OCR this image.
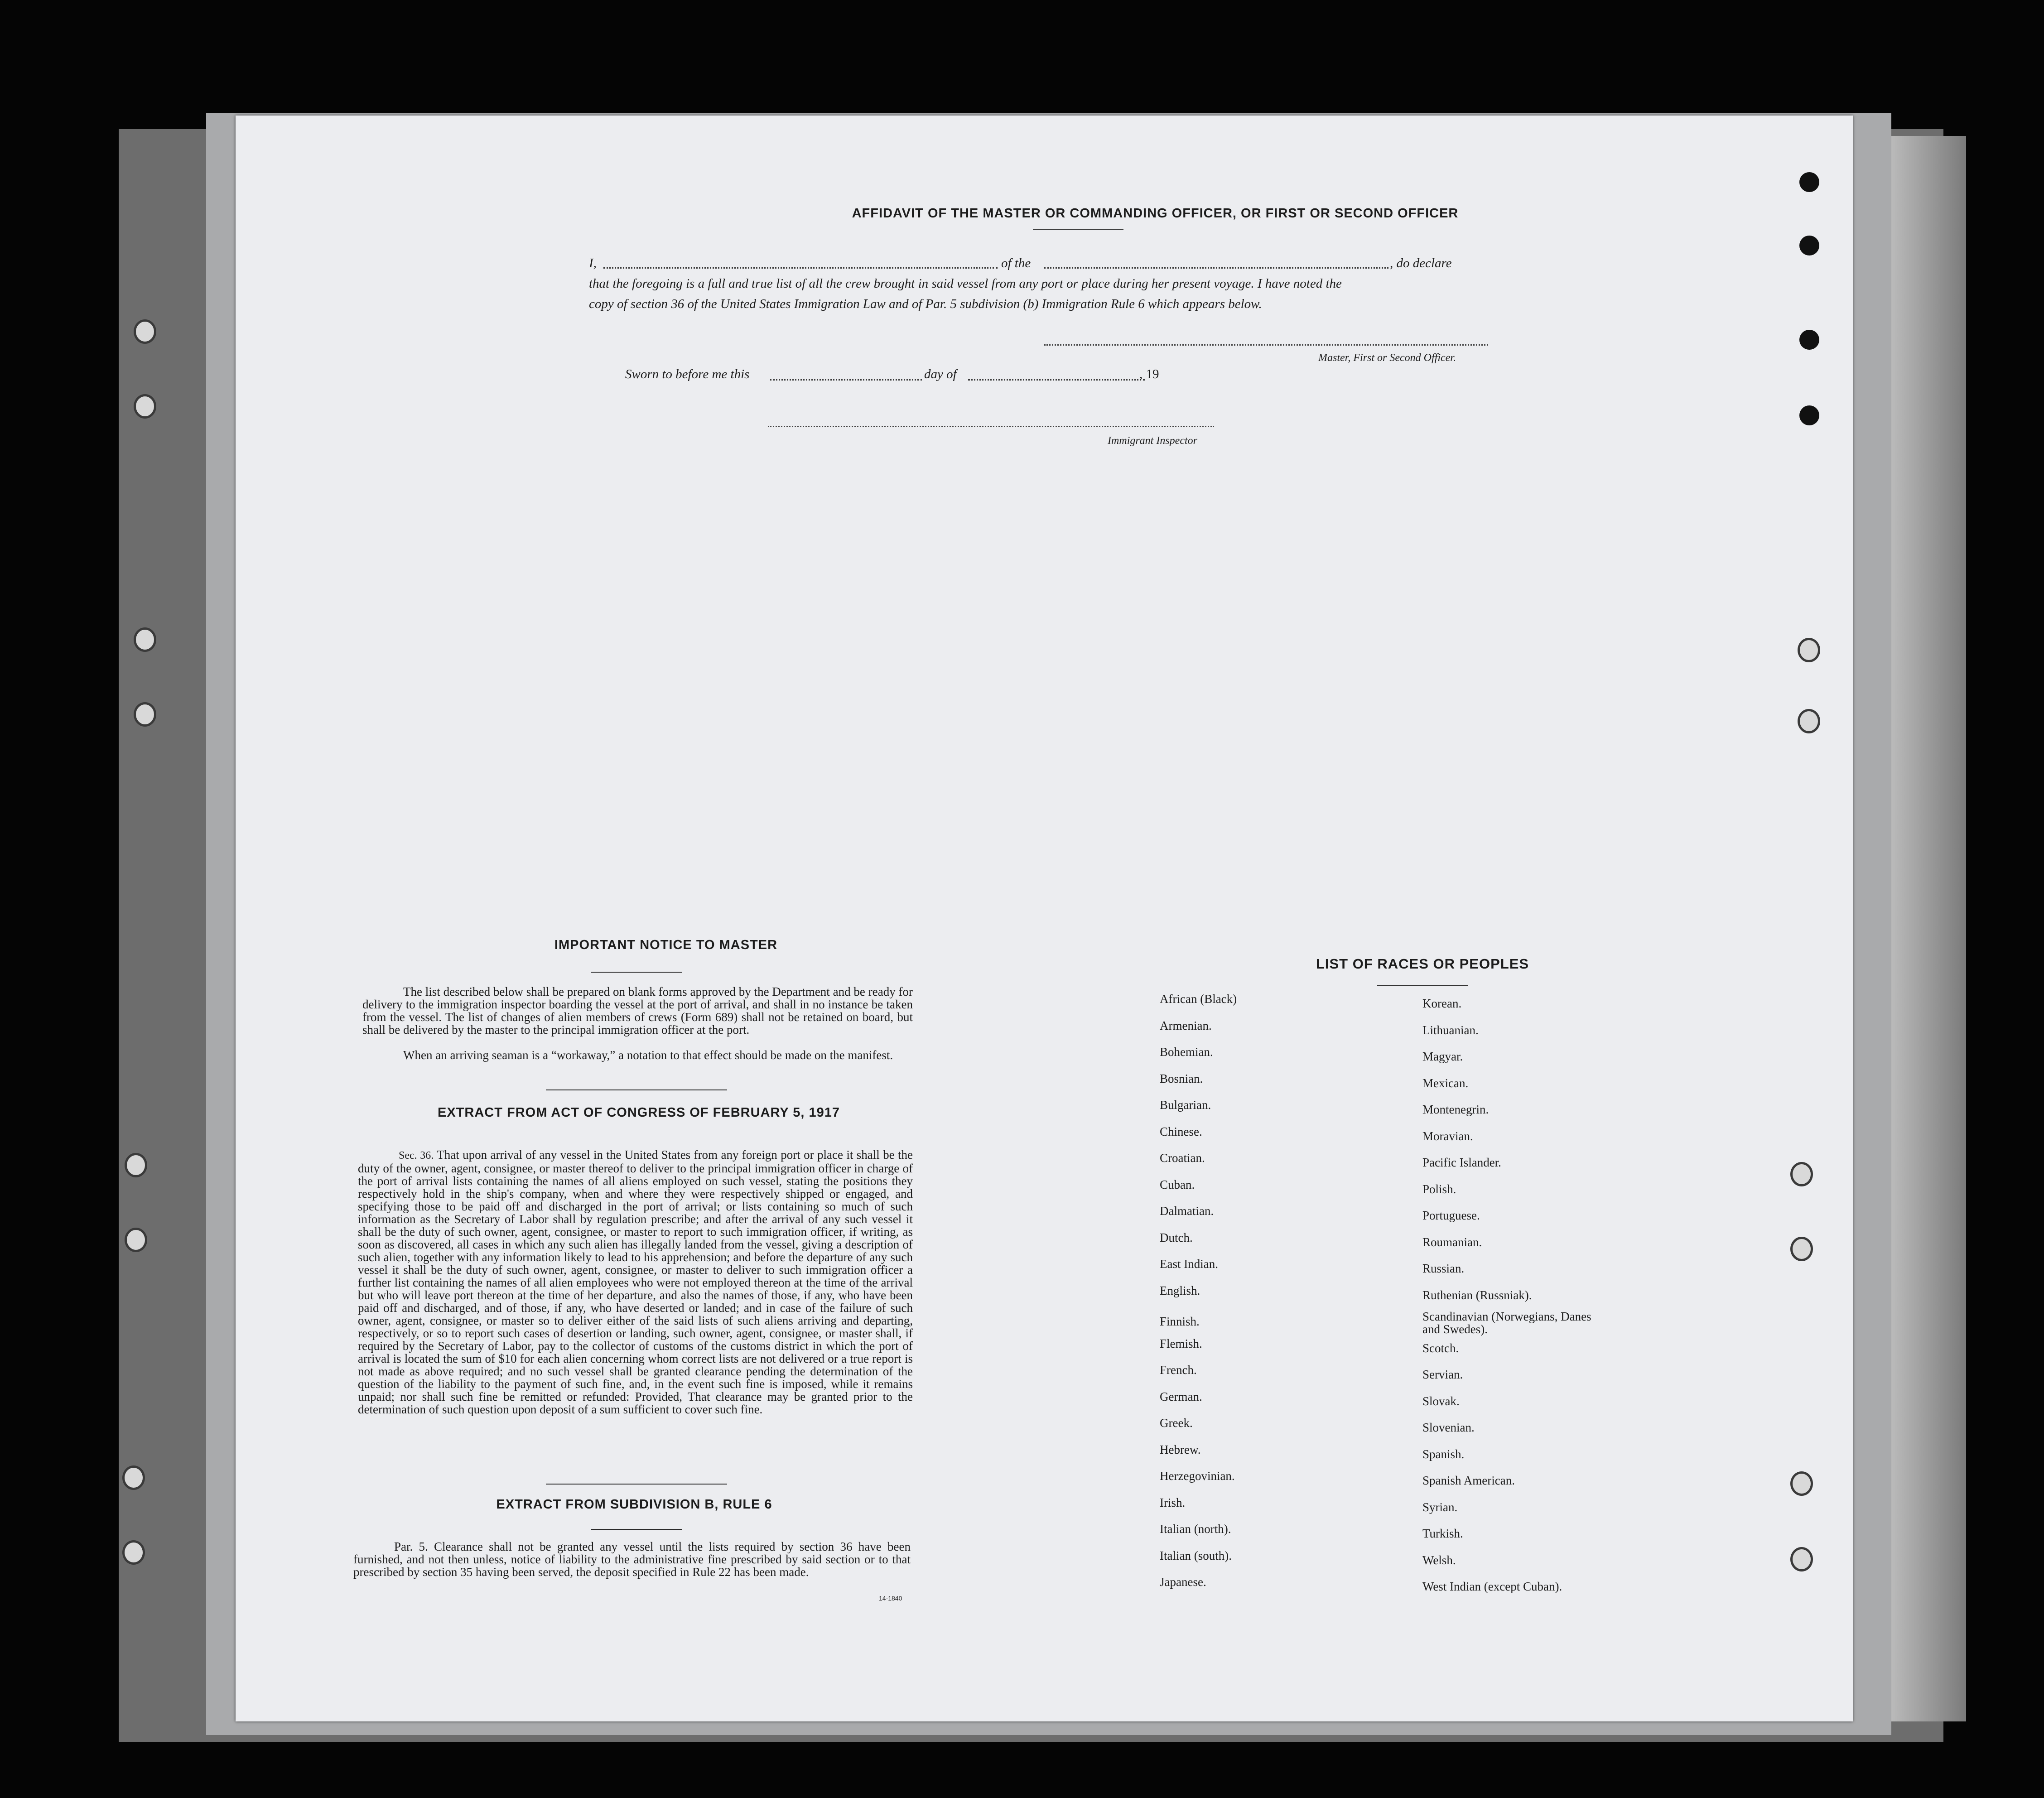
AFFIDAVIT OF THE MASTER OR COMMANDING OFFICER, OR FIRST OR SECOND OFFICER
I,	of the	, do declare
that the foregoing is a full and true list of all the crew brought in said vessel from any port or place during her present voyage. I have noted the
copy of section 36 of the United States Immigration Law and of Par. 5 subdivision (b) Immigration Rule 6 which appears below.
Master, First or Second Officer.
Sworn to before me this	day of	, 19
Immigrant Inspector
IMPORTANT NOTICE TO MASTER
The list described below shall be prepared on blank forms approved by the Department and be ready for delivery to the immigration inspector boarding the vessel at the port of arrival, and shall in no instance be taken from the vessel. The list of changes of alien members of crews (Form 689) shall not be retained on board, but shall be delivered by the master to the principal immigration officer at the port.
When an arriving seaman is a “workaway,” a notation to that effect should be made on the manifest.
EXTRACT FROM ACT OF CONGRESS OF FEBRUARY 5, 1917
Sec. 36. That upon arrival of any vessel in the United States from any foreign port or place it shall be the duty of the owner, agent, consignee, or master thereof to deliver to the principal immigration officer in charge of the port of arrival lists containing the names of all aliens employed on such vessel, stating the positions they respectively hold in the ship's company, when and where they were respectively shipped or engaged, and specifying those to be paid off and discharged in the port of arrival; or lists containing so much of such information as the Secretary of Labor shall by regulation prescribe; and after the arrival of any such vessel it shall be the duty of such owner, agent, consignee, or master to report to such immigration officer, if writing, as soon as discovered, all cases in which any such alien has illegally landed from the vessel, giving a description of such alien, together with any information likely to lead to his apprehension; and before the departure of any such vessel it shall be the duty of such owner, agent, consignee, or master to deliver to such immigration officer a further list containing the names of all alien employees who were not employed thereon at the time of the arrival but who will leave port thereon at the time of her departure, and also the names of those, if any, who have been paid off and discharged, and of those, if any, who have deserted or landed; and in case of the failure of such owner, agent, consignee, or master so to deliver either of the said lists of such aliens arriving and departing, respectively, or so to report such cases of desertion or landing, such owner, agent, consignee, or master shall, if required by the Secretary of Labor, pay to the collector of customs of the customs district in which the port of arrival is located the sum of $10 for each alien concerning whom correct lists are not delivered or a true report is not made as above required; and no such vessel shall be granted clearance pending the determination of the question of the liability to the payment of such fine, and, in the event such fine is imposed, while it remains unpaid; nor shall such fine be remitted or refunded: Provided, That clearance may be granted prior to the determination of such question upon deposit of a sum sufficient to cover such fine.
EXTRACT FROM SUBDIVISION B, RULE 6
Par. 5. Clearance shall not be granted any vessel until the lists required by section 36 have been furnished, and not then unless, notice of liability to the administrative fine prescribed by said section or to that prescribed by section 35 having been served, the deposit specified in Rule 22 has been made.
14-1840
LIST OF RACES OR PEOPLES
African (Black)
Armenian.
Bohemian.
Bosnian.
Bulgarian.
Chinese.
Croatian.
Cuban.
Dalmatian.
Dutch.
East Indian.
English.
Finnish.
Flemish.
French.
German.
Greek.
Hebrew.
Herzegovinian.
Irish.
Italian (north).
Italian (south).
Japanese.
Korean.
Lithuanian.
Magyar.
Mexican.
Montenegrin.
Moravian.
Pacific Islander.
Polish.
Portuguese.
Roumanian.
Russian.
Ruthenian (Russniak).
Scandinavian (Norwegians, Danes and Swedes).
Scotch.
Servian.
Slovak.
Slovenian.
Spanish.
Spanish American.
Syrian.
Turkish.
Welsh.
West Indian (except Cuban).
